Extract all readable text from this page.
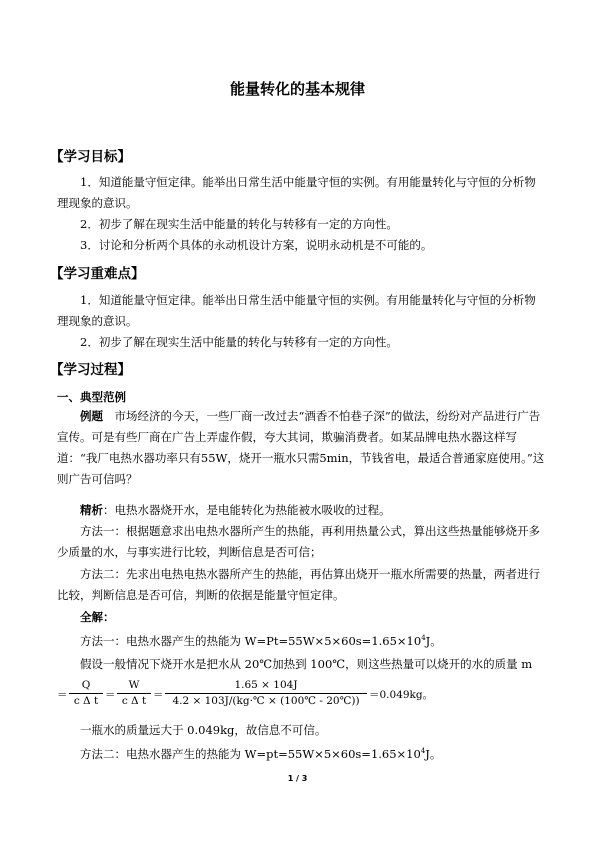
能量转化的基本规律
【学习目标】
1．知道能量守恒定律。能举出日常生活中能量守恒的实例。有用能量转化与守恒的分析物理现象的意识。
2．初步了解在现实生活中能量的转化与转移有一定的方向性。
3．讨论和分析两个具体的永动机设计方案，说明永动机是不可能的。
【学习重难点】
1．知道能量守恒定律。能举出日常生活中能量守恒的实例。有用能量转化与守恒的分析物理现象的意识。
2．初步了解在现实生活中能量的转化与转移有一定的方向性。
【学习过程】
一、典型范例
例题　市场经济的今天，一些厂商一改过去“酒香不怕巷子深”的做法，纷纷对产品进行广告宣传。可是有些厂商在广告上弄虚作假，夸大其词，欺骗消费者。如某品牌电热水器这样写道：“我厂电热水器功率只有55W，烧开一瓶水只需5min，节钱省电，最适合普通家庭使用。”这则广告可信吗？
精析：电热水器烧开水，是电能转化为热能被水吸收的过程。
方法一：根据题意求出电热水器所产生的热能，再利用热量公式，算出这些热量能够烧开多少质量的水，与事实进行比较，判断信息是否可信；
方法二：先求出电热电热水器所产生的热能，再估算出烧开一瓶水所需要的热量，两者进行比较，判断信息是否可信，判断的依据是能量守恒定律。
全解：
方法一：电热水器产生的热能为 $W=Pt=55W\times 5\times 60s=1.65\times 10^4J$。
假设一般情况下烧开水是把水从 20℃加热到 100℃，则这些热量可以烧开的水的质量 m
＝
Q
c Δ t ＝
W
c Δ t ＝
1.65 × 104J
4.2 × 103J/(kg·℃ × (100℃ - 20℃)) ＝0.049kg。
一瓶水的质量远大于 0.049kg，故信息不可信。
方法二：电热水器产生的热能为 $W=pt=55W\times 5\times 60s=1.65\times 10^4J$。
1 / 3
